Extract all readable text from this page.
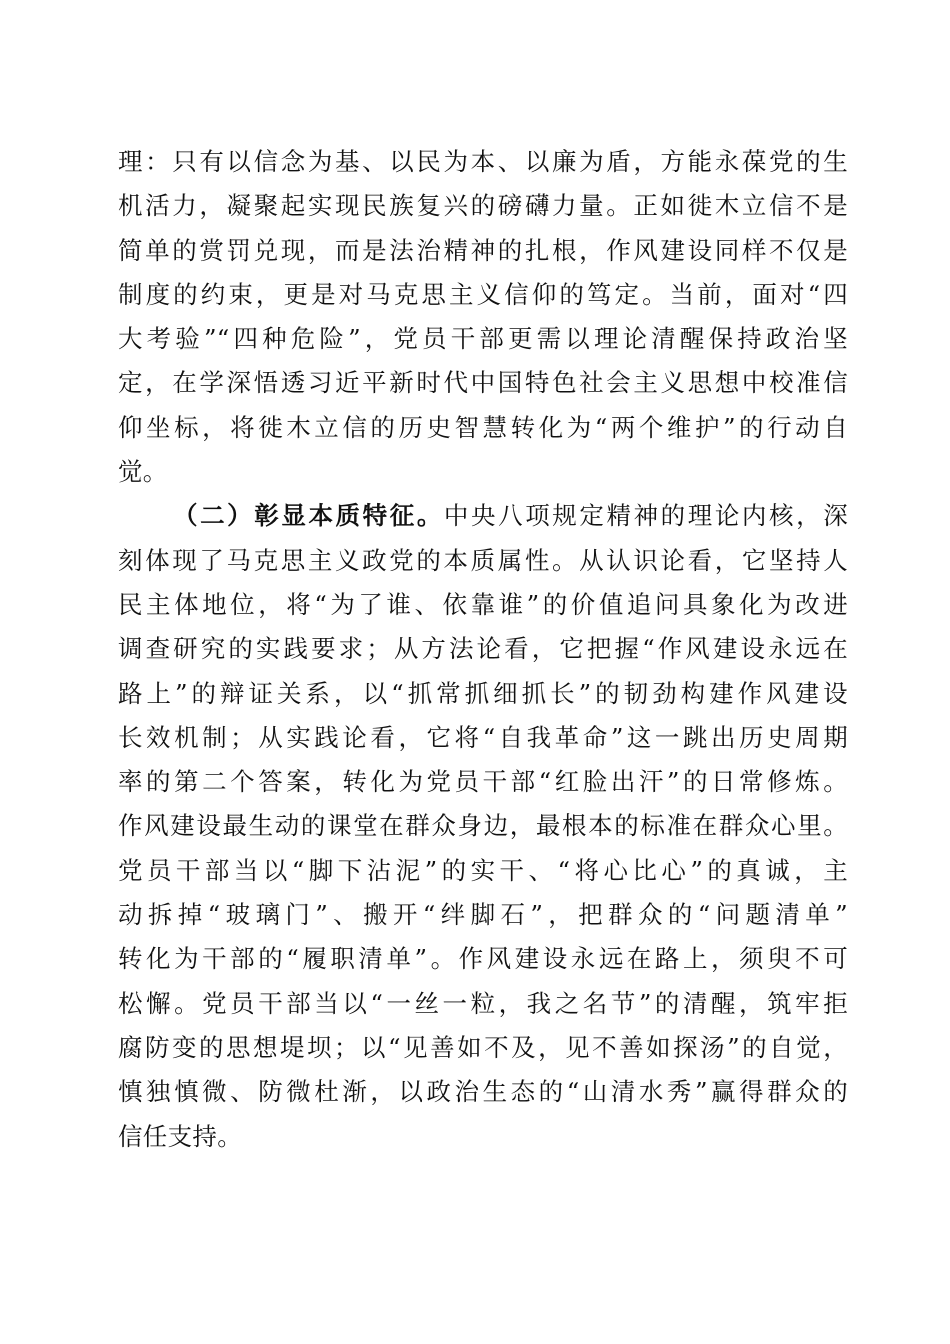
理：只有以信念为基、以民为本、以廉为盾，方能永葆党的生
机活力，凝聚起实现民族复兴的磅礴力量。正如徙木立信不是
简单的赏罚兑现，而是法治精神的扎根，作风建设同样不仅是
制度的约束，更是对马克思主义信仰的笃定。当前，面对“四
大考验”“四种危险”，党员干部更需以理论清醒保持政治坚
定，在学深悟透习近平新时代中国特色社会主义思想中校准信
仰坐标，将徙木立信的历史智慧转化为“两个维护”的行动自
觉。
（二）彰显本质特征。中央八项规定精神的理论内核，深
刻体现了马克思主义政党的本质属性。从认识论看，它坚持人
民主体地位，将“为了谁、依靠谁”的价值追问具象化为改进
调查研究的实践要求；从方法论看，它把握“作风建设永远在
路上”的辩证关系，以“抓常抓细抓长”的韧劲构建作风建设
长效机制；从实践论看，它将“自我革命”这一跳出历史周期
率的第二个答案，转化为党员干部“红脸出汗”的日常修炼。
作风建设最生动的课堂在群众身边，最根本的标准在群众心里。
党员干部当以“脚下沾泥”的实干、“将心比心”的真诚，主
动拆掉“玻璃门”、搬开“绊脚石”，把群众的“问题清单”
转化为干部的“履职清单”。作风建设永远在路上，须臾不可
松懈。党员干部当以“一丝一粒，我之名节”的清醒，筑牢拒
腐防变的思想堤坝；以“见善如不及，见不善如探汤”的自觉，
慎独慎微、防微杜渐，以政治生态的“山清水秀”赢得群众的
信任支持。
